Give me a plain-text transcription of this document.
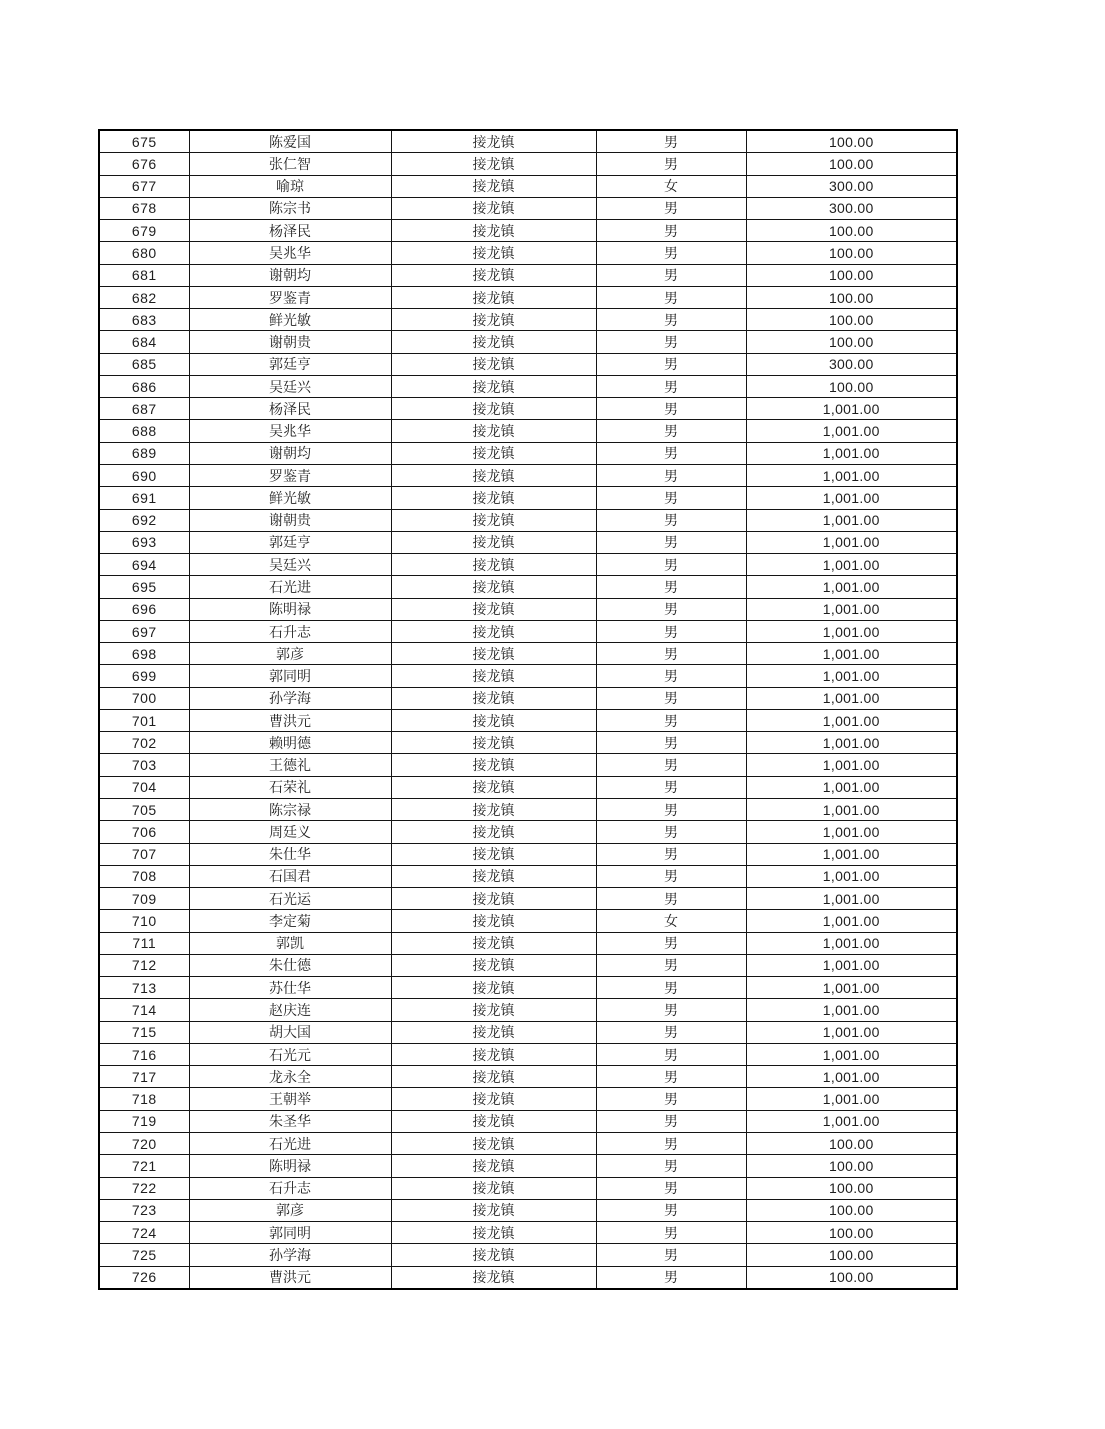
675	陈爱国	接龙镇	男	100.00
676	张仁智	接龙镇	男	100.00
677	喻琼	接龙镇	女	300.00
678	陈宗书	接龙镇	男	300.00
679	杨泽民	接龙镇	男	100.00
680	吴兆华	接龙镇	男	100.00
681	谢朝均	接龙镇	男	100.00
682	罗鉴青	接龙镇	男	100.00
683	鲜光敏	接龙镇	男	100.00
684	谢朝贵	接龙镇	男	100.00
685	郭廷亨	接龙镇	男	300.00
686	吴廷兴	接龙镇	男	100.00
687	杨泽民	接龙镇	男	1,001.00
688	吴兆华	接龙镇	男	1,001.00
689	谢朝均	接龙镇	男	1,001.00
690	罗鉴青	接龙镇	男	1,001.00
691	鲜光敏	接龙镇	男	1,001.00
692	谢朝贵	接龙镇	男	1,001.00
693	郭廷亨	接龙镇	男	1,001.00
694	吴廷兴	接龙镇	男	1,001.00
695	石光进	接龙镇	男	1,001.00
696	陈明禄	接龙镇	男	1,001.00
697	石升志	接龙镇	男	1,001.00
698	郭彦	接龙镇	男	1,001.00
699	郭同明	接龙镇	男	1,001.00
700	孙学海	接龙镇	男	1,001.00
701	曹洪元	接龙镇	男	1,001.00
702	赖明德	接龙镇	男	1,001.00
703	王德礼	接龙镇	男	1,001.00
704	石荣礼	接龙镇	男	1,001.00
705	陈宗禄	接龙镇	男	1,001.00
706	周廷义	接龙镇	男	1,001.00
707	朱仕华	接龙镇	男	1,001.00
708	石国君	接龙镇	男	1,001.00
709	石光运	接龙镇	男	1,001.00
710	李定菊	接龙镇	女	1,001.00
711	郭凯	接龙镇	男	1,001.00
712	朱仕德	接龙镇	男	1,001.00
713	苏仕华	接龙镇	男	1,001.00
714	赵庆连	接龙镇	男	1,001.00
715	胡大国	接龙镇	男	1,001.00
716	石光元	接龙镇	男	1,001.00
717	龙永全	接龙镇	男	1,001.00
718	王朝举	接龙镇	男	1,001.00
719	朱圣华	接龙镇	男	1,001.00
720	石光进	接龙镇	男	100.00
721	陈明禄	接龙镇	男	100.00
722	石升志	接龙镇	男	100.00
723	郭彦	接龙镇	男	100.00
724	郭同明	接龙镇	男	100.00
725	孙学海	接龙镇	男	100.00
726	曹洪元	接龙镇	男	100.00
